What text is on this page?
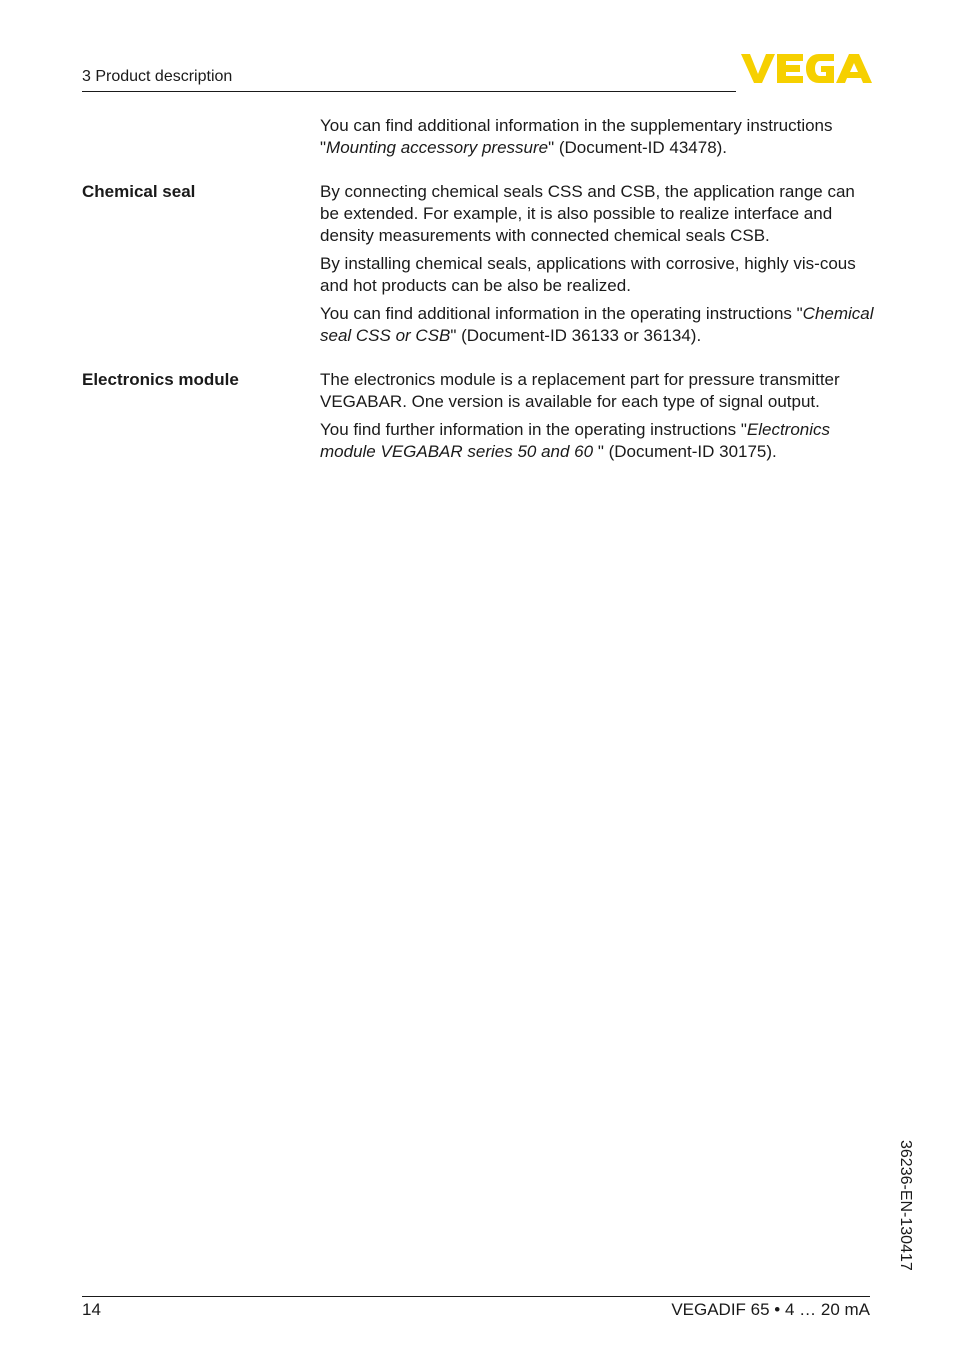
3 Product description

You can find additional information in the supplementary instructions "Mounting accessory pressure" (Document-ID 43478).

Chemical seal	By connecting chemical seals CSS and CSB, the application range can be extended. For example, it is also possible to realize interface and density measurements with connected chemical seals CSB.

By installing chemical seals, applications with corrosive, highly vis-cous and hot products can be also be realized.

You can find additional information in the operating instructions "Chemical seal CSS or CSB" (Document-ID 36133 or 36134).

Electronics module	The electronics module is a replacement part for pressure transmitter VEGABAR. One version is available for each type of signal output.

You find further information in the operating instructions "Electronics module VEGABAR series 50 and 60 " (Document-ID 30175).

36236-EN-130417
14	VEGADIF 65 • 4 … 20 mA
